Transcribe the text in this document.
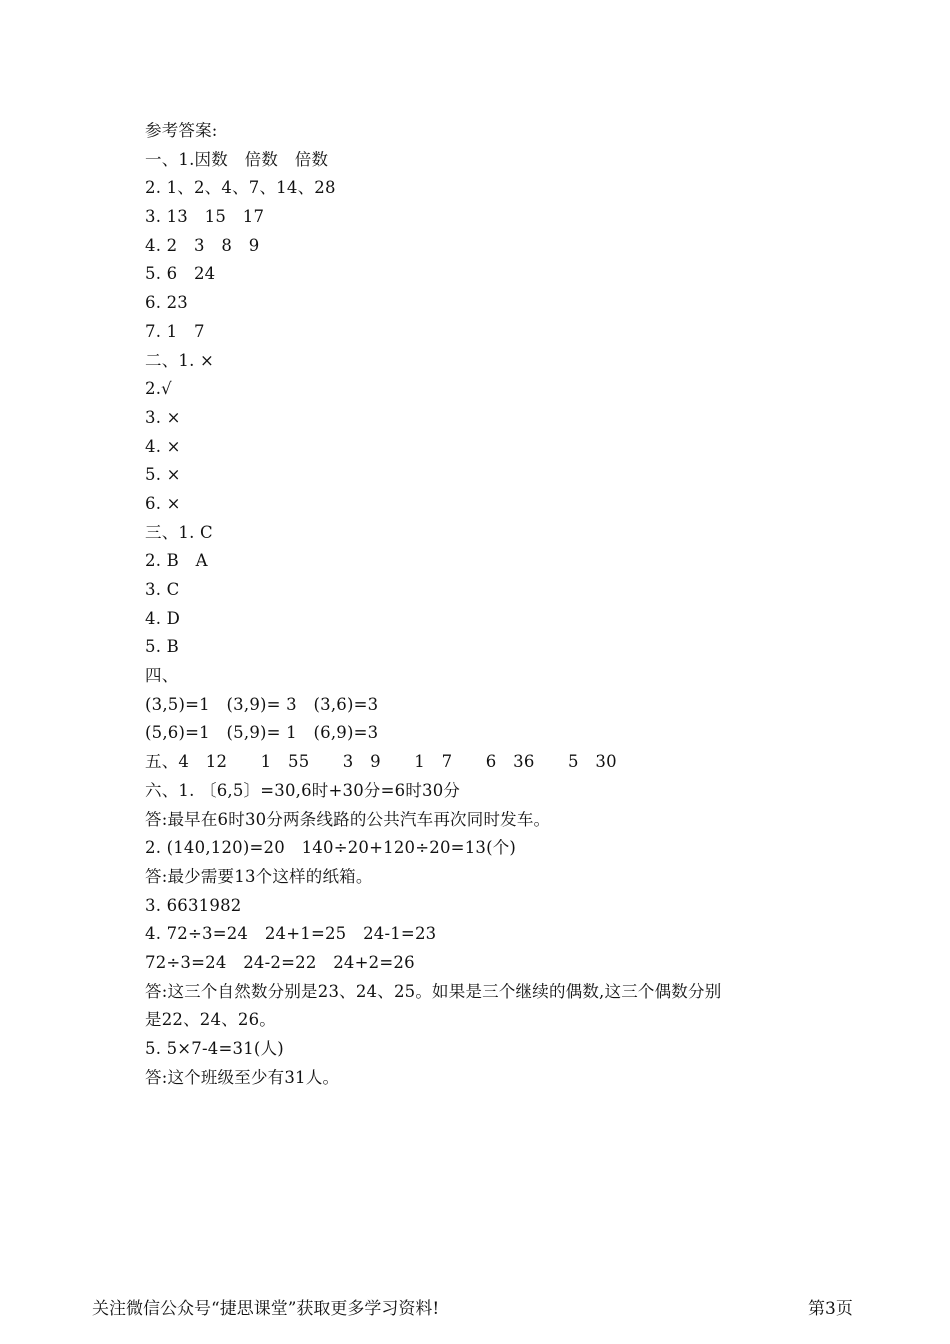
参考答案:
一、1.因数　倍数　倍数
2. 1、2、4、7、14、28
3. 13　15　17
4. 2　3　8　9
5. 6　24
6. 23
7. 1　7
二、1. ×
2.√
3. ×
4. ×
5. ×
6. ×
三、1. C
2. B　A
3. C
4. D
5. B
四、
(3,5)=1　(3,9)= 3　(3,6)=3
(5,6)=1　(5,9)= 1　(6,9)=3
五、4　12　　1　55　　3　9　　1　7　　6　36　　5　30
六、1. 〔6,5〕=30,6时+30分=6时30分
答:最早在6时30分两条线路的公共汽车再次同时发车。
2. (140,120)=20　140÷20+120÷20=13(个)
答:最少需要13个这样的纸箱。
3. 6631982
4. 72÷3=24　24+1=25　24-1=23
72÷3=24　24-2=22　24+2=26
答:这三个自然数分别是23、24、25。如果是三个继续的偶数,这三个偶数分别
是22、24、26。
5. 5×7-4=31(人)
答:这个班级至少有31人。
关注微信公众号“捷思课堂”获取更多学习资料!	第3页
